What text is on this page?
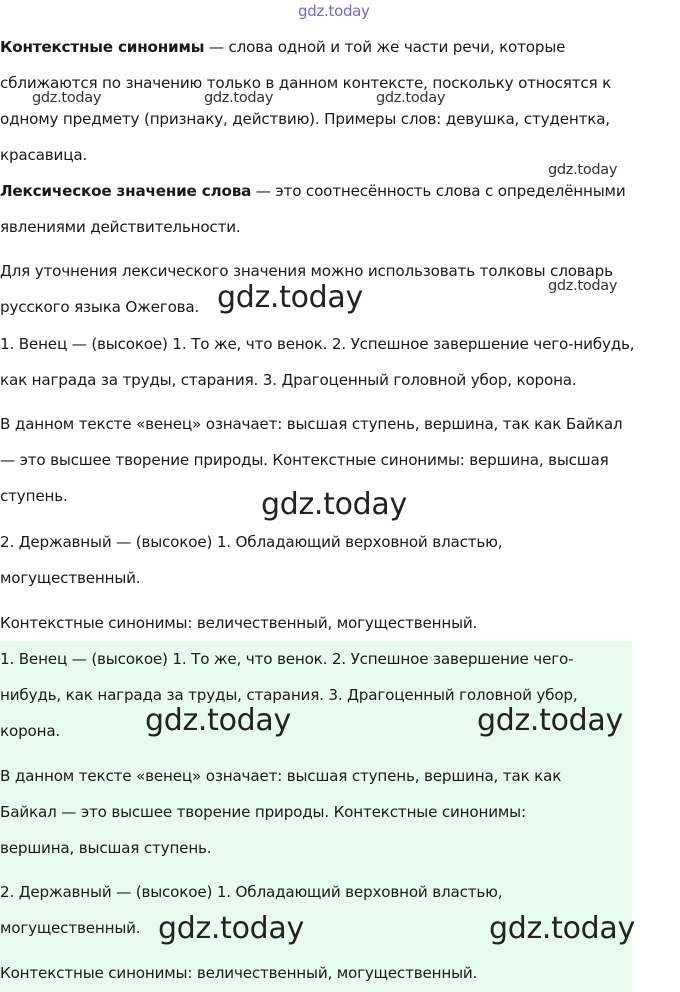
Контекстные синонимы — слова одной и той же части речи, которые
сближаются по значению только в данном контексте, поскольку относятся к
одному предмету (признаку, действию). Примеры слов: девушка, студентка,
красавица.

Лексическое значение слова — это соотнесённость слова с определёнными
явлениями действительности.

Для уточнения лексического значения можно использовать толковы словарь
русского языка Ожегова.

1. Венец — (высокое) 1. То же, что венок. 2. Успешное завершение чего-нибудь,
как награда за труды, старания. 3. Драгоценный головной убор, корона.

В данном тексте «венец» означает: высшая ступень, вершина, так как Байкал
— это высшее творение природы. Контекстные синонимы: вершина, высшая
ступень.

2. Державный — (высокое) 1. Обладающий верховной властью,
могущественный.

Контекстные синонимы: величественный, могущественный.

1. Венец — (высокое) 1. То же, что венок. 2. Успешное завершение чего-
нибудь, как награда за труды, старания. 3. Драгоценный головной убор,
корона.

В данном тексте «венец» означает: высшая ступень, вершина, так как
Байкал — это высшее творение природы. Контекстные синонимы:
вершина, высшая ступень.

2. Державный — (высокое) 1. Обладающий верховной властью,
могущественный.

Контекстные синонимы: величественный, могущественный.

gdz.today
gdz.today	gdz.today	gdz.today
gdz.today
gdz.today
gdz.today
gdz.today
gdz.today	gdz.today
gdz.today	gdz.today
